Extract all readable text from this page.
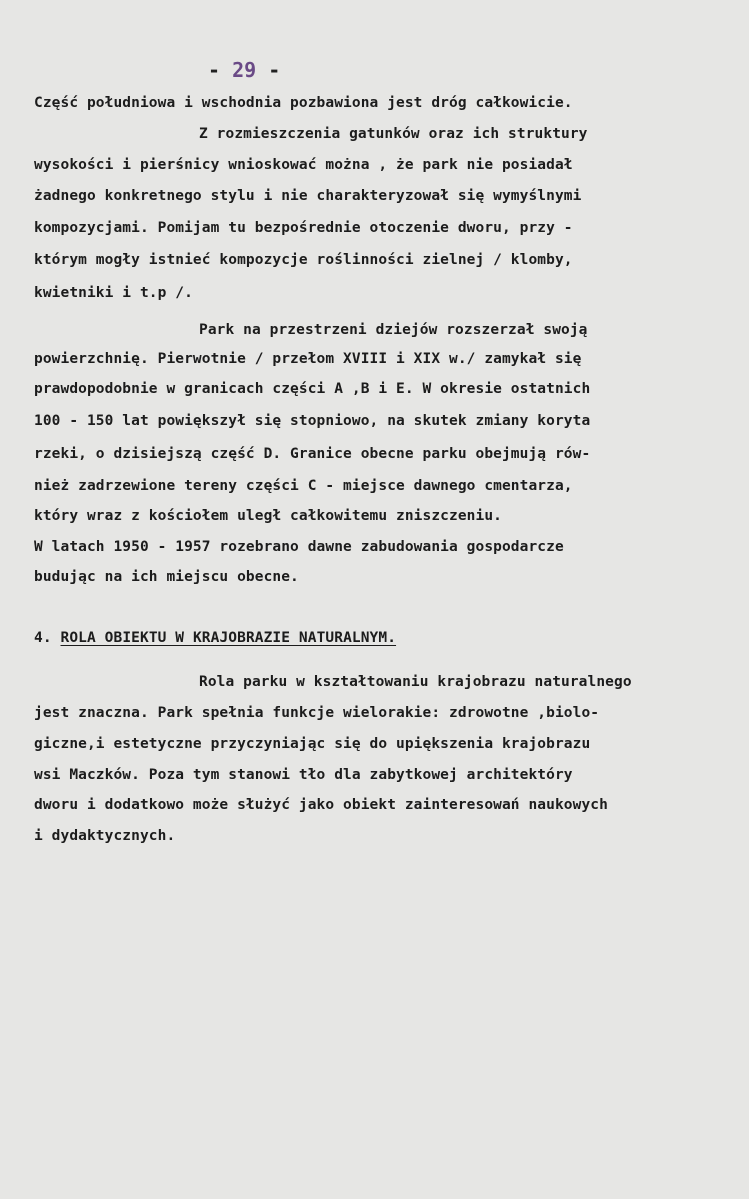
- 29 -
Część południowa i wschodnia pozbawiona jest dróg całkowicie.
Z rozmieszczenia gatunków oraz ich struktury
wysokości i pierśnicy wnioskować można , że park nie posiadał
żadnego konkretnego stylu i nie charakteryzował się wymyślnymi
kompozycjami. Pomijam tu bezpośrednie otoczenie dworu, przy -
którym mogły istnieć kompozycje roślinności zielnej / klomby,
kwietniki i t.p /.
Park na przestrzeni dziejów rozszerzał swoją
powierzchnię. Pierwotnie / przełom XVIII i XIX w./ zamykał się
prawdopodobnie w granicach części A ,B i E. W okresie ostatnich
100 - 150 lat powiększył się stopniowo, na skutek zmiany koryta
rzeki, o dzisiejszą część D. Granice obecne parku obejmują rów-
nież zadrzewione tereny części C - miejsce dawnego cmentarza,
który wraz z kościołem uległ całkowitemu zniszczeniu.
W latach 1950 - 1957 rozebrano dawne zabudowania gospodarcze
budując na ich miejscu obecne.
4. ROLA OBIEKTU W KRAJOBRAZIE NATURALNYM.
Rola parku w kształtowaniu krajobrazu naturalnego
jest znaczna. Park spełnia funkcje wielorakie: zdrowotne ,biolo-
giczne,i estetyczne przyczyniając się do upiększenia krajobrazu
wsi Maczków. Poza tym stanowi tło dla zabytkowej architektóry
dworu i dodatkowo może służyć jako obiekt zainteresowań naukowych
i dydaktycznych.
